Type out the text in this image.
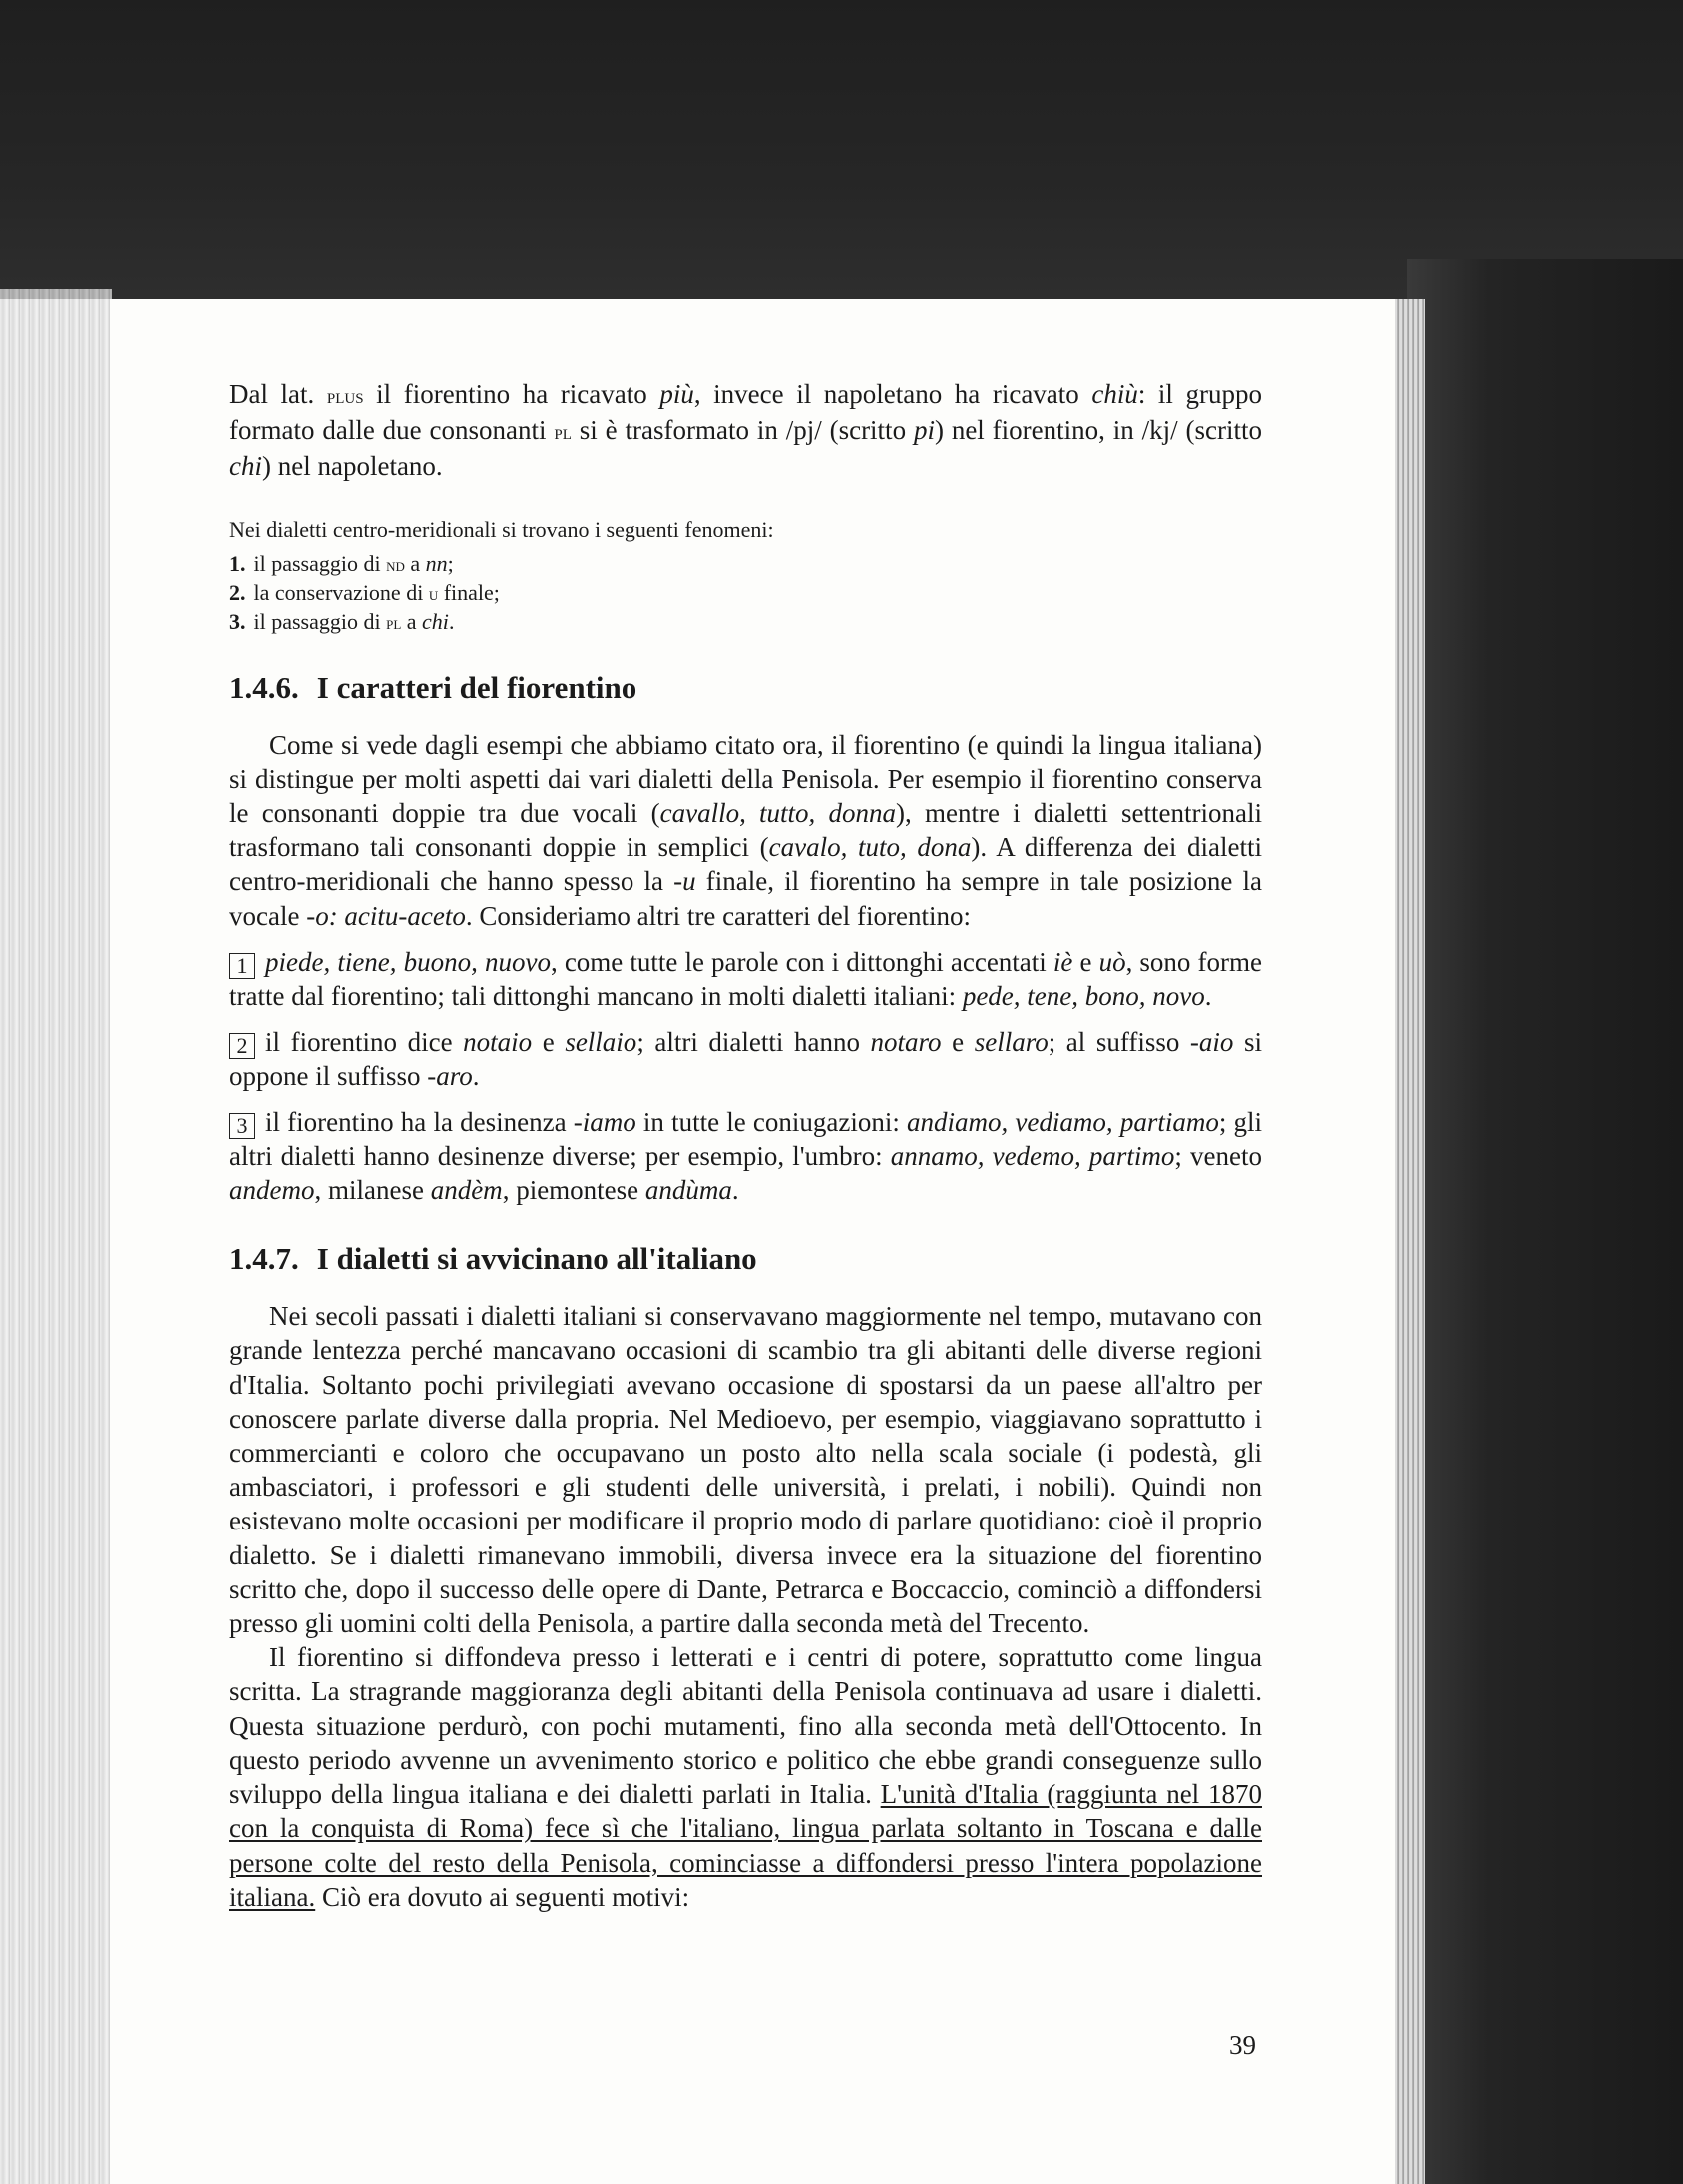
Dal lat. plus il fiorentino ha ricavato più, invece il napoletano ha ricavato chiù: il gruppo formato dalle due consonanti pl si è trasformato in /pj/ (scritto pi) nel fiorentino, in /kj/ (scritto chi) nel napoletano.

Nei dialetti centro-meridionali si trovano i seguenti fenomeni:

1. il passaggio di nd a nn;
2. la conservazione di u finale;
3. il passaggio di pl a chi.
1.4.6. I caratteri del fiorentino

Come si vede dagli esempi che abbiamo citato ora, il fiorentino (e quindi la lingua italiana) si distingue per molti aspetti dai vari dialetti della Penisola. Per esempio il fiorentino conserva le consonanti doppie tra due vocali (cavallo, tutto, donna), mentre i dialetti settentrionali trasformano tali consonanti doppie in semplici (cavalo, tuto, dona). A differenza dei dialetti centro-meridionali che hanno spesso la -u finale, il fiorentino ha sempre in tale posizione la vocale -o: acitu-aceto. Consideriamo altri tre caratteri del fiorentino:

1 piede, tiene, buono, nuovo, come tutte le parole con i dittonghi accentati iè e uò, sono forme tratte dal fiorentino; tali dittonghi mancano in molti dialetti italiani: pede, tene, bono, novo.

2 il fiorentino dice notaio e sellaio; altri dialetti hanno notaro e sellaro; al suffisso -aio si oppone il suffisso -aro.

3 il fiorentino ha la desinenza -iamo in tutte le coniugazioni: andiamo, vediamo, partiamo; gli altri dialetti hanno desinenze diverse; per esempio, l'umbro: annamo, vedemo, partimo; veneto andemo, milanese andèm, piemontese andùma.

1.4.7. I dialetti si avvicinano all'italiano

Nei secoli passati i dialetti italiani si conservavano maggiormente nel tempo, mutavano con grande lentezza perché mancavano occasioni di scambio tra gli abitanti delle diverse regioni d'Italia. Soltanto pochi privilegiati avevano occasione di spostarsi da un paese all'altro per conoscere parlate diverse dalla propria. Nel Medioevo, per esempio, viaggiavano soprattutto i commercianti e coloro che occupavano un posto alto nella scala sociale (i podestà, gli ambasciatori, i professori e gli studenti delle università, i prelati, i nobili). Quindi non esistevano molte occasioni per modificare il proprio modo di parlare quotidiano: cioè il proprio dialetto. Se i dialetti rimanevano immobili, diversa invece era la situazione del fiorentino scritto che, dopo il successo delle opere di Dante, Petrarca e Boccaccio, cominciò a diffondersi presso gli uomini colti della Penisola, a partire dalla seconda metà del Trecento.

Il fiorentino si diffondeva presso i letterati e i centri di potere, soprattutto come lingua scritta. La stragrande maggioranza degli abitanti della Penisola continuava ad usare i dialetti. Questa situazione perdurò, con pochi mutamenti, fino alla seconda metà dell'Ottocento. In questo periodo avvenne un avvenimento storico e politico che ebbe grandi conseguenze sullo sviluppo della lingua italiana e dei dialetti parlati in Italia. L'unità d'Italia (raggiunta nel 1870 con la conquista di Roma) fece sì che l'italiano, lingua parlata soltanto in Toscana e dalle persone colte del resto della Penisola, cominciasse a diffondersi presso l'intera popolazione italiana. Ciò era dovuto ai seguenti motivi:

39
